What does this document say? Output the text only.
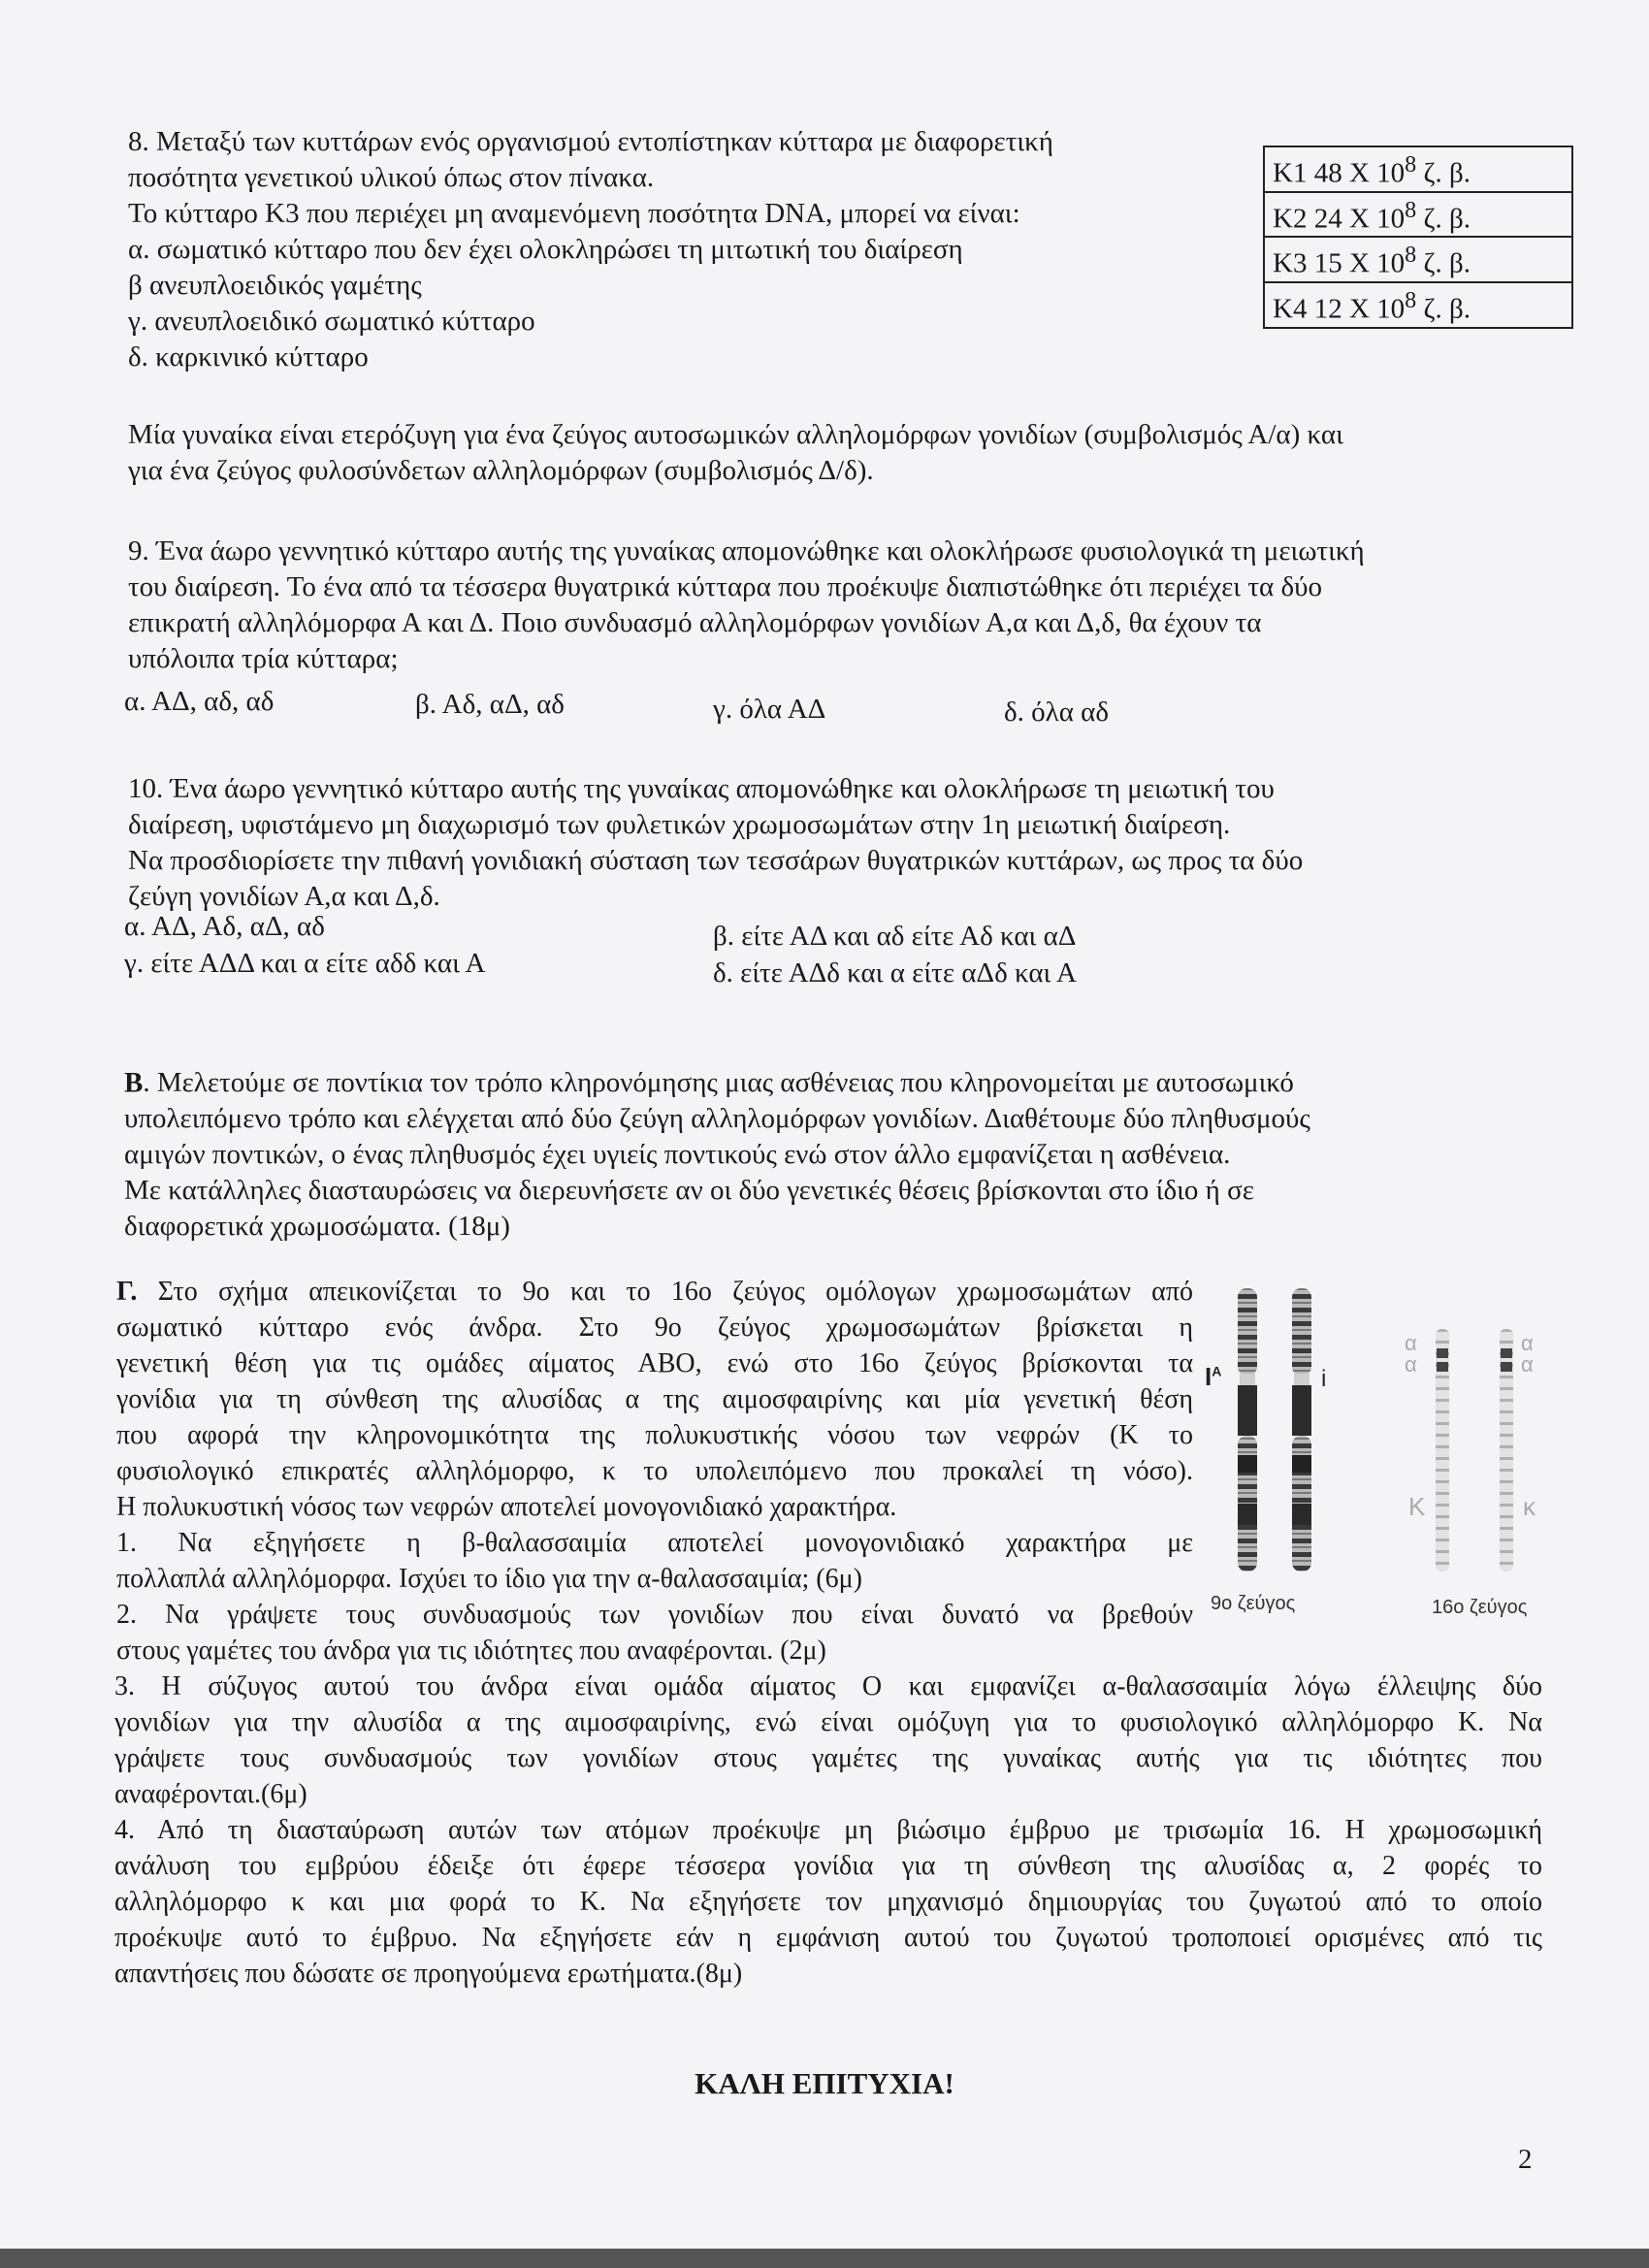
8. Μεταξύ των κυττάρων ενός οργανισμού εντοπίστηκαν κύτταρα με διαφορετική
ποσότητα γενετικού υλικού όπως στον πίνακα.
Το κύτταρο Κ3 που περιέχει μη αναμενόμενη ποσότητα DNA, μπορεί να είναι:
α. σωματικό κύτταρο που δεν έχει ολοκληρώσει τη μιτωτική του διαίρεση
β ανευπλοειδικός γαμέτης
γ. ανευπλοειδικό σωματικό κύτταρο
δ. καρκινικό κύτταρο
Κ1 48 Χ $10^8$ ζ. β.
Κ2 24 Χ $10^8$ ζ. β.
Κ3 15 Χ $10^8$ ζ. β.
Κ4 12 Χ $10^8$ ζ. β.
Μία γυναίκα είναι ετερόζυγη για ένα ζεύγος αυτοσωμικών αλληλομόρφων γονιδίων (συμβολισμός Α/α) και
για ένα ζεύγος φυλοσύνδετων αλληλομόρφων (συμβολισμός Δ/δ).
9. Ένα άωρο γεννητικό κύτταρο αυτής της γυναίκας απομονώθηκε και ολοκλήρωσε φυσιολογικά τη μειωτική
του διαίρεση. Το ένα από τα τέσσερα θυγατρικά κύτταρα που προέκυψε διαπιστώθηκε ότι περιέχει τα δύο
επικρατή αλληλόμορφα Α και Δ. Ποιο συνδυασμό αλληλομόρφων γονιδίων Α,α και Δ,δ, θα έχουν τα
υπόλοιπα τρία κύτταρα;
α. ΑΔ, αδ, αδ	β. Αδ, αΔ, αδ	γ. όλα ΑΔ	δ. όλα αδ
10. Ένα άωρο γεννητικό κύτταρο αυτής της γυναίκας απομονώθηκε και ολοκλήρωσε τη μειωτική του
διαίρεση, υφιστάμενο μη διαχωρισμό των φυλετικών χρωμοσωμάτων στην 1η μειωτική διαίρεση.
Να προσδιορίσετε την πιθανή γονιδιακή σύσταση των τεσσάρων θυγατρικών κυττάρων, ως προς τα δύο
ζεύγη γονιδίων Α,α και Δ,δ.
α. ΑΔ, Αδ, αΔ, αδ	β. είτε ΑΔ και αδ είτε Αδ και αΔ
γ. είτε ΑΔΔ και α είτε αδδ και Α	δ. είτε ΑΔδ και α είτε αΔδ και Α
Β. Μελετούμε σε ποντίκια τον τρόπο κληρονόμησης μιας ασθένειας που κληρονομείται με αυτοσωμικό
υπολειπόμενο τρόπο και ελέγχεται από δύο ζεύγη αλληλομόρφων γονιδίων. Διαθέτουμε δύο πληθυσμούς
αμιγών ποντικών, ο ένας πληθυσμός έχει υγιείς ποντικούς ενώ στον άλλο εμφανίζεται η ασθένεια.
Με κατάλληλες διασταυρώσεις να διερευνήσετε αν οι δύο γενετικές θέσεις βρίσκονται στο ίδιο ή σε
διαφορετικά χρωμοσώματα. (18μ)
Γ. Στο σχήμα απεικονίζεται το 9ο και το 16ο ζεύγος ομόλογων χρωμοσωμάτων από
σωματικό κύτταρο ενός άνδρα. Στο 9ο ζεύγος χρωμοσωμάτων βρίσκεται η
γενετική θέση για τις ομάδες αίματος ΑΒΟ, ενώ στο 16ο ζεύγος βρίσκονται τα
γονίδια για τη σύνθεση της αλυσίδας α της αιμοσφαιρίνης και μία γενετική θέση
που αφορά την κληρονομικότητα της πολυκυστικής νόσου των νεφρών (Κ το
φυσιολογικό επικρατές αλληλόμορφο, κ το υπολειπόμενο που προκαλεί τη νόσο).
Η πολυκυστική νόσος των νεφρών αποτελεί μονογονιδιακό χαρακτήρα.
1. Να εξηγήσετε η β-θαλασσαιμία αποτελεί μονογονιδιακό χαρακτήρα με
πολλαπλά αλληλόμορφα. Ισχύει το ίδιο για την α-θαλασσαιμία; (6μ)
2. Να γράψετε τους συνδυασμούς των γονιδίων που είναι δυνατό να βρεθούν
στους γαμέτες του άνδρα για τις ιδιότητες που αναφέρονται. (2μ)
3. Η σύζυγος αυτού του άνδρα είναι ομάδα αίματος Ο και εμφανίζει α-θαλασσαιμία λόγω έλλειψης δύο
γονιδίων για την αλυσίδα α της αιμοσφαιρίνης, ενώ είναι ομόζυγη για το φυσιολογικό αλληλόμορφο Κ. Να
γράψετε τους συνδυασμούς των γονιδίων στους γαμέτες της γυναίκας αυτής για τις ιδιότητες που
αναφέρονται.(6μ)
4. Από τη διασταύρωση αυτών των ατόμων προέκυψε μη βιώσιμο έμβρυο με τρισωμία 16. Η χρωμοσωμική
ανάλυση του εμβρύου έδειξε ότι έφερε τέσσερα γονίδια για τη σύνθεση της αλυσίδας α, 2 φορές το
αλληλόμορφο κ και μια φορά το Κ. Να εξηγήσετε τον μηχανισμό δημιουργίας του ζυγωτού από το οποίο
προέκυψε αυτό το έμβρυο. Να εξηγήσετε εάν η εμφάνιση αυτού του ζυγωτού τροποποιεί ορισμένες από τις
απαντήσεις που δώσατε σε προηγούμενα ερωτήματα.(8μ)
9ο ζεύγος	16ο ζεύγος
$I^A$	i
α
α
α
α
Κ	κ
ΚΑΛΗ ΕΠΙΤΥΧΙΑ!
2
